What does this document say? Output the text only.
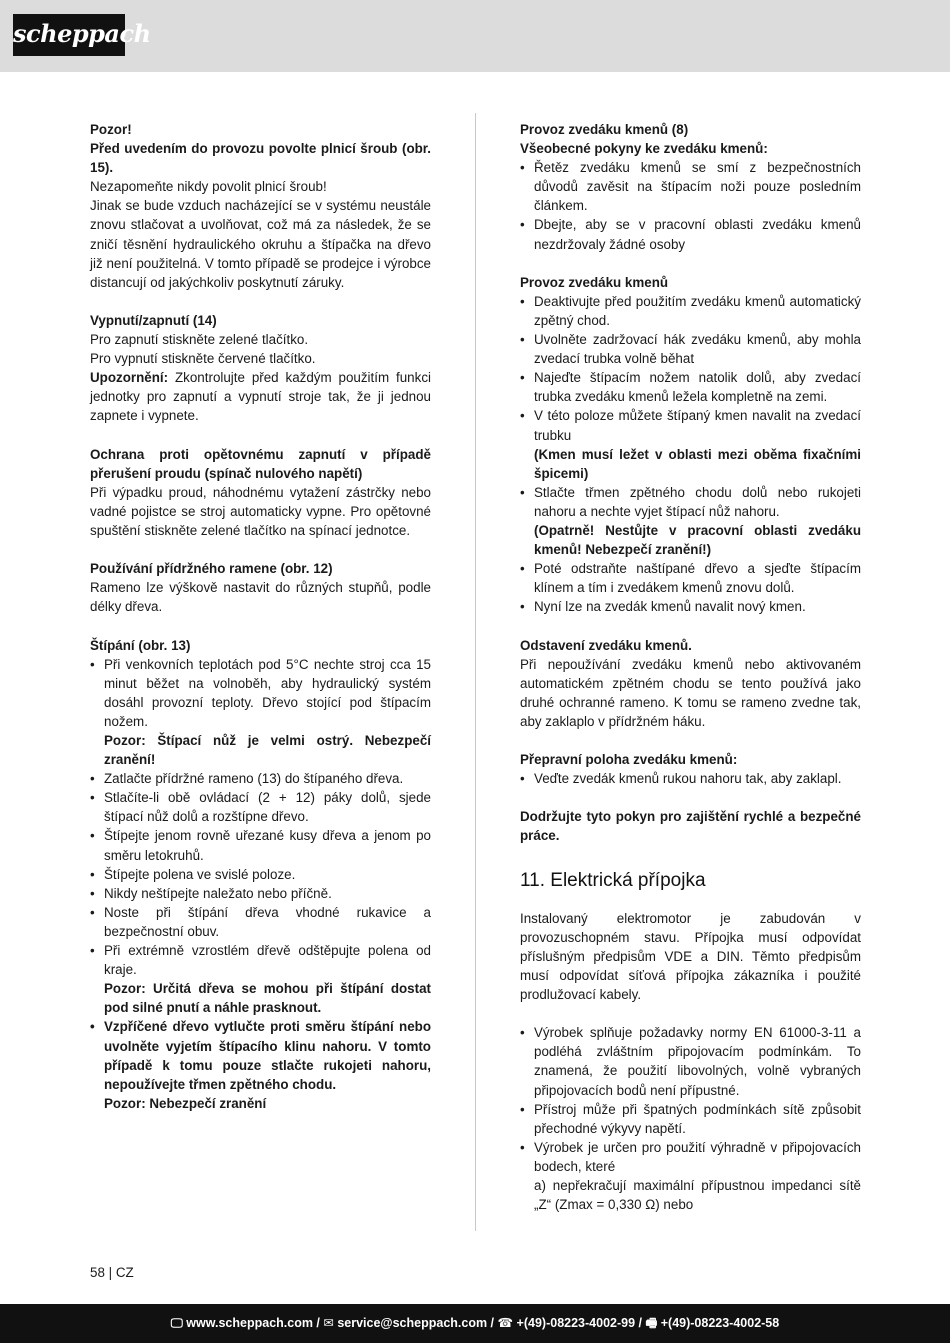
scheppach

Pozor!

Před uvedením do provozu povolte plnicí šroub (obr. 15).

Nezapomeňte nikdy povolit plnicí šroub!

Jinak se bude vzduch nacházející se v systému neustále znovu stlačovat a uvolňovat, což má za následek, že se zničí těsnění hydraulického okruhu a štípačka na dřevo již není použitelná. V tomto případě se prodejce i výrobce distancují od jakýchkoliv poskytnutí záruky.

Vypnutí/zapnutí (14)

Pro zapnutí stiskněte zelené tlačítko.

Pro vypnutí stiskněte červené tlačítko.

Upozornění: Zkontrolujte před každým použitím funkci jednotky pro zapnutí a vypnutí stroje tak, že ji jednou zapnete i vypnete.

Ochrana proti opětovnému zapnutí v případě přerušení proudu (spínač nulového napětí)

Při výpadku proud, náhodnému vytažení zástrčky nebo vadné pojistce se stroj automaticky vypne. Pro opětovné spuštění stiskněte zelené tlačítko na spínací jednotce.

Používání přídržného ramene (obr. 12)

Rameno lze výškově nastavit do různých stupňů, podle délky dřeva.

Štípání (obr. 13)

• Při venkovních teplotách pod 5°C nechte stroj cca 15 minut běžet na volnoběh, aby hydraulický systém dosáhl provozní teploty. Dřevo stojící pod štípacím nožem.
Pozor: Štípací nůž je velmi ostrý. Nebezpečí zranění!
• Zatlačte přídržné rameno (13) do štípaného dřeva.
• Stlačíte-li obě ovládací (2 + 12) páky dolů, sjede štípací nůž dolů a rozštípne dřevo.
• Štípejte jenom rovně uřezané kusy dřeva a jenom po směru letokruhů.
• Štípejte polena ve svislé poloze.
• Nikdy neštípejte naležato nebo příčně.
• Noste při štípání dřeva vhodné rukavice a bezpečnostní obuv.
• Při extrémně vzrostlém dřevě odštěpujte polena od kraje.
Pozor: Určitá dřeva se mohou při štípání dostat pod silné pnutí a náhle prasknout.
• Vzpříčené dřevo vytlučte proti směru štípání nebo uvolněte vyjetím štípacího klinu nahoru. V tomto případě k tomu pouze stlačte rukojeti nahoru, nepoužívejte třmen zpětného chodu.
Pozor: Nebezpečí zranění

Provoz zvedáku kmenů (8)

Všeobecné pokyny ke zvedáku kmenů:

• Řetěz zvedáku kmenů se smí z bezpečnostních důvodů zavěsit na štípacím noži pouze posledním článkem.
• Dbejte, aby se v pracovní oblasti zvedáku kmenů nezdržovaly žádné osoby

Provoz zvedáku kmenů

• Deaktivujte před použitím zvedáku kmenů automatický zpětný chod.
• Uvolněte zadržovací hák zvedáku kmenů, aby mohla zvedací trubka volně běhat
• Najeďte štípacím nožem natolik dolů, aby zvedací trubka zvedáku kmenů ležela kompletně na zemi.
• V této poloze můžete štípaný kmen navalit na zvedací trubku
(Kmen musí ležet v oblasti mezi oběma fixačními špicemi)
• Stlačte třmen zpětného chodu dolů nebo rukojeti nahoru a nechte vyjet štípací nůž nahoru.
(Opatrně! Nestůjte v pracovní oblasti zvedáku kmenů! Nebezpečí zranění!)
• Poté odstraňte naštípané dřevo a sjeďte štípacím klínem a tím i zvedákem kmenů znovu dolů.
• Nyní lze na zvedák kmenů navalit nový kmen.

Odstavení zvedáku kmenů.

Při nepoužívání zvedáku kmenů nebo aktivovaném automatickém zpětném chodu se tento používá jako druhé ochranné rameno. K tomu se rameno zvedne tak, aby zaklaplo v přídržném háku.

Přepravní poloha zvedáku kmenů:

• Veďte zvedák kmenů rukou nahoru tak, aby zaklapl.

Dodržujte tyto pokyn pro zajištění rychlé a bezpečné práce.

11. Elektrická přípojka

Instalovaný elektromotor je zabudován v provozuschopném stavu. Přípojka musí odpovídat příslušným předpisům VDE a DIN. Těmto předpisům musí odpovídat síťová přípojka zákazníka i použité prodlužovací kabely.

• Výrobek splňuje požadavky normy EN 61000-3-11 a podléhá zvláštním připojovacím podmínkám. To znamená, že použití libovolných, volně vybraných připojovacích bodů není přípustné.
• Přístroj může při špatných podmínkách sítě způsobit přechodné výkyvy napětí.
• Výrobek je určen pro použití výhradně v připojovacích bodech, které

a) nepřekračují maximální přípustnou impedanci sítě „Z“ (Zmax = 0,330 Ω) nebo

58 | CZ
🖵 www.scheppach.com / ✉ service@scheppach.com / ☎ +(49)-08223-4002-99 / 🖷 +(49)-08223-4002-58
